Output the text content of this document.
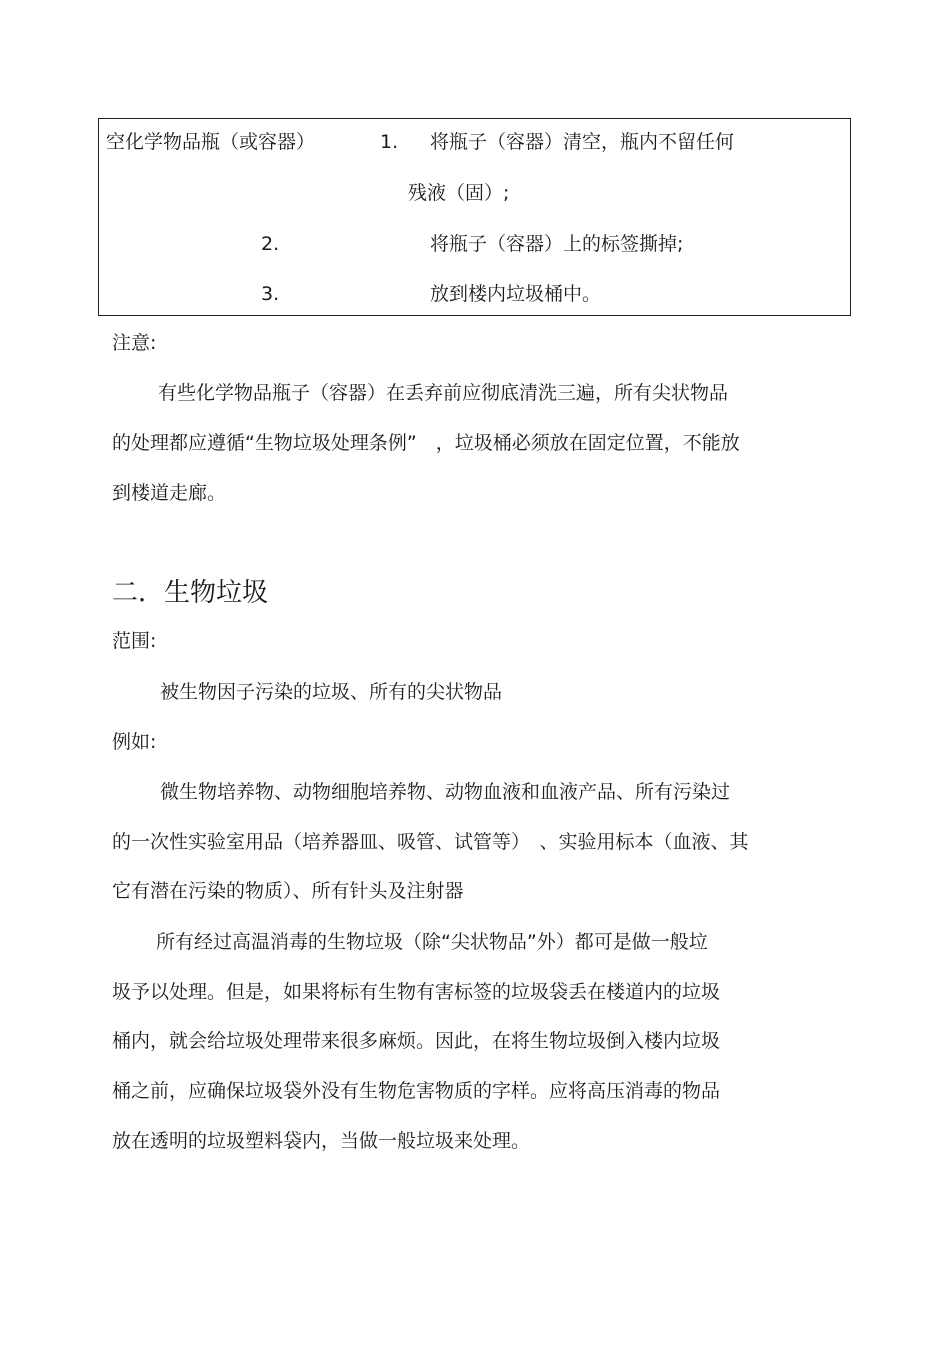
空化学物品瓶（或容器）	1. 将瓶子（容器）清空，瓶内不留任何
残液（固）;
2.	将瓶子（容器）上的标签撕掉;
3.	放到楼内垃圾桶中。
注意:
有些化学物品瓶子（容器）在丢弃前应彻底清洗三遍，所有尖状物品
的处理都应遵循“生物垃圾处理条例”　，垃圾桶必须放在固定位置，不能放
到楼道走廊。
二．生物垃圾
范围:
被生物因子污染的垃圾、所有的尖状物品
例如:
微生物培养物、动物细胞培养物、动物血液和血液产品、所有污染过
的一次性实验室用品（培养器皿、吸管、试管等）　、实验用标本（血液、其
它有潜在污染的物质）、所有针头及注射器
所有经过高温消毒的生物垃圾（除“尖状物品”外）都可是做一般垃
圾予以处理。但是，如果将标有生物有害标签的垃圾袋丢在楼道内的垃圾
桶内，就会给垃圾处理带来很多麻烦。因此，在将生物垃圾倒入楼内垃圾
桶之前，应确保垃圾袋外没有生物危害物质的字样。应将高压消毒的物品
放在透明的垃圾塑料袋内，当做一般垃圾来处理。
